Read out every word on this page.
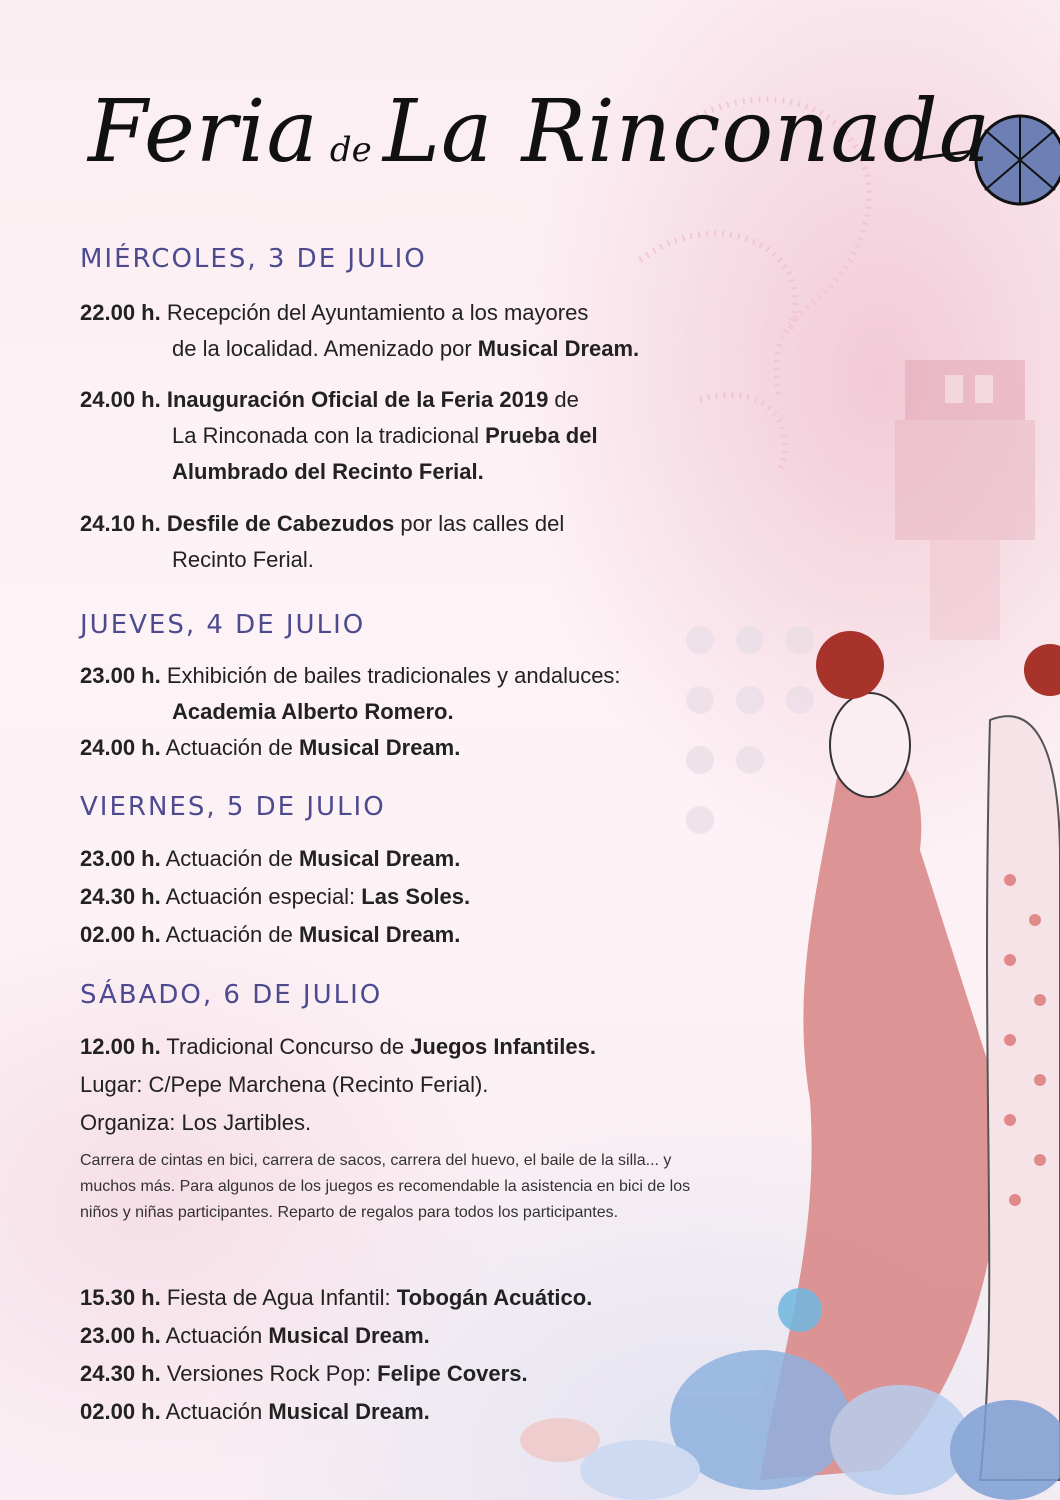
Feria de La Rinconada
MIÉRCOLES, 3 DE JULIO
22.00 h. Recepción del Ayuntamiento a los mayores
de la localidad. Amenizado por Musical Dream.
24.00 h. Inauguración Oficial de la Feria 2019 de
La Rinconada con la tradicional Prueba del
Alumbrado del Recinto Ferial.
24.10 h. Desfile de Cabezudos por las calles del
Recinto Ferial.
JUEVES, 4 DE JULIO
23.00 h. Exhibición de bailes tradicionales y andaluces:
Academia Alberto Romero.
24.00 h. Actuación de Musical Dream.
VIERNES, 5 DE JULIO
23.00 h. Actuación de Musical Dream.
24.30 h. Actuación especial: Las Soles.
02.00 h. Actuación de Musical Dream.
SÁBADO, 6 DE JULIO
12.00 h. Tradicional Concurso de Juegos Infantiles.
Lugar: C/Pepe Marchena (Recinto Ferial).
Organiza: Los Jartibles.
Carrera de cintas en bici, carrera de sacos, carrera del huevo, el baile de la silla... y muchos más. Para algunos de los juegos es recomendable la asistencia en bici de los niños y niñas participantes. Reparto de regalos para todos los participantes.
15.30 h. Fiesta de Agua Infantil: Tobogán Acuático.
23.00 h. Actuación Musical Dream.
24.30 h. Versiones Rock Pop: Felipe Covers.
02.00 h. Actuación Musical Dream.
